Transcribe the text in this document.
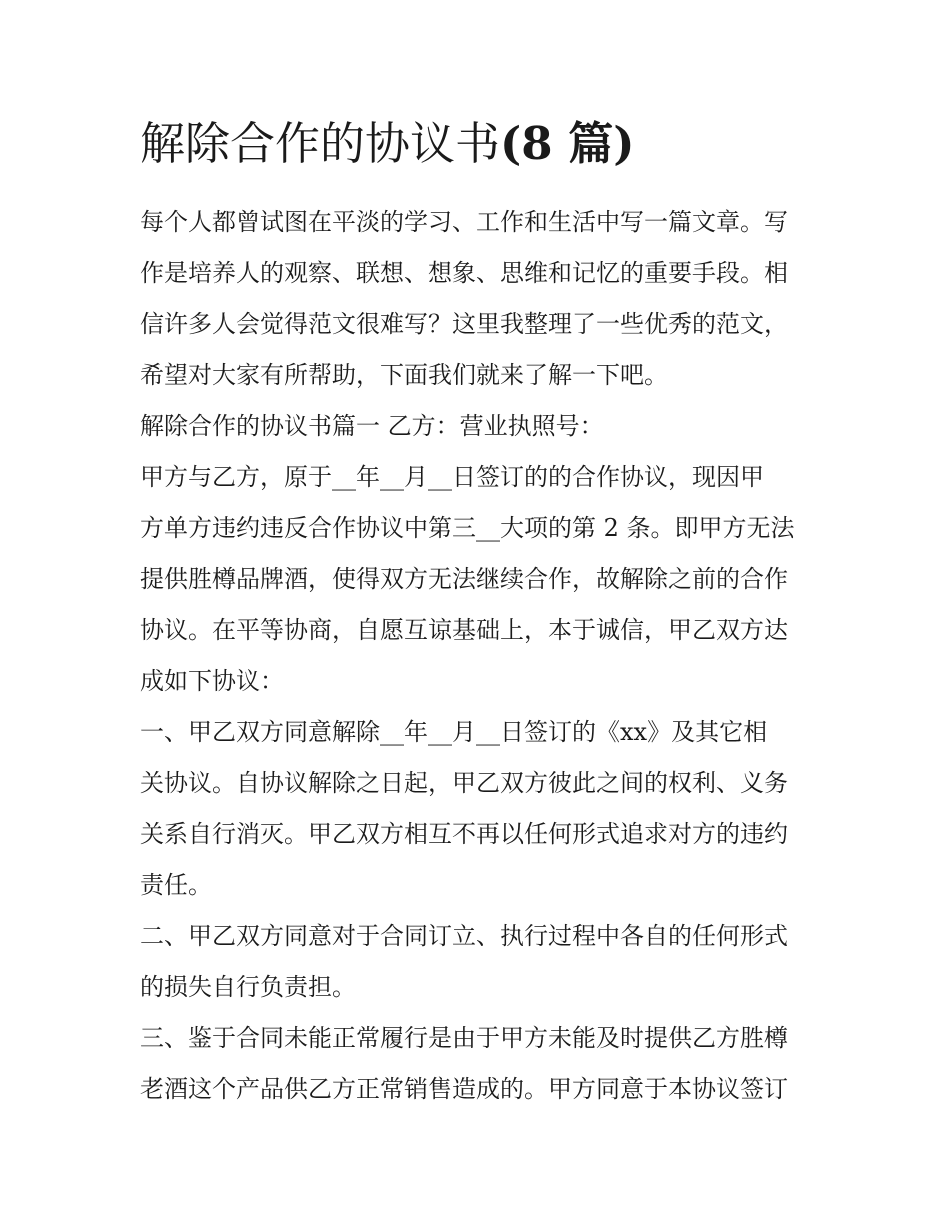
解除合作的协议书(8 篇)
每个人都曾试图在平淡的学习、工作和生活中写一篇文章。写
作是培养人的观察、联想、想象、思维和记忆的重要手段。相
信许多人会觉得范文很难写？这里我整理了一些优秀的范文，
希望对大家有所帮助，下面我们就来了解一下吧。
解除合作的协议书篇一 乙方：营业执照号：
甲方与乙方，原于__年__月__日签订的的合作协议，现因甲
方单方违约违反合作协议中第三__大项的第 2 条。即甲方无法
提供胜樽品牌酒，使得双方无法继续合作，故解除之前的合作
协议。在平等协商，自愿互谅基础上，本于诚信，甲乙双方达
成如下协议：
一、甲乙双方同意解除__年__月__日签订的《xx》及其它相
关协议。自协议解除之日起，甲乙双方彼此之间的权利、义务
关系自行消灭。甲乙双方相互不再以任何形式追求对方的违约
责任。
二、甲乙双方同意对于合同订立、执行过程中各自的任何形式
的损失自行负责担。
三、鉴于合同未能正常履行是由于甲方未能及时提供乙方胜樽
老酒这个产品供乙方正常销售造成的。甲方同意于本协议签订
